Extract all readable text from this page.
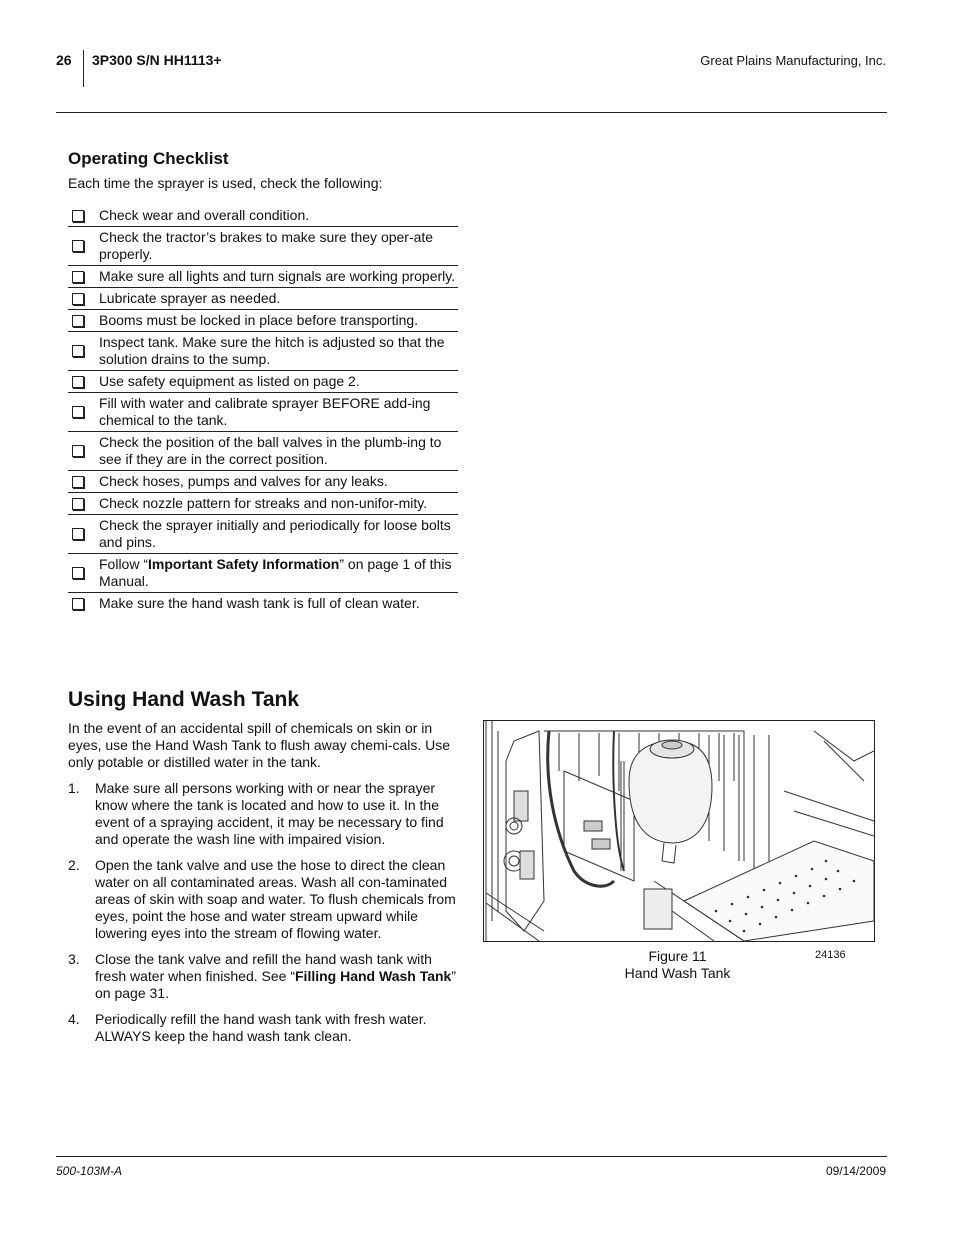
26 3P300 S/N HH1113+	Great Plains Manufacturing, Inc.
Operating Checklist
Each time the sprayer is used, check the following:
Check wear and overall condition.
Check the tractor’s brakes to make sure they oper-ate properly.
Make sure all lights and turn signals are working properly.
Lubricate sprayer as needed.
Booms must be locked in place before transporting.
Inspect tank. Make sure the hitch is adjusted so that the solution drains to the sump.
Use safety equipment as listed on page 2.
Fill with water and calibrate sprayer BEFORE add-ing chemical to the tank.
Check the position of the ball valves in the plumb-ing to see if they are in the correct position.
Check hoses, pumps and valves for any leaks.
Check nozzle pattern for streaks and non-unifor-mity.
Check the sprayer initially and periodically for loose bolts and pins.
Follow “Important Safety Information” on page 1 of this Manual.
Make sure the hand wash tank is full of clean water.
Using Hand Wash Tank
In the event of an accidental spill of chemicals on skin or in eyes, use the Hand Wash Tank to flush away chemi-cals. Use only potable or distilled water in the tank.
1.	Make sure all persons working with or near the sprayer know where the tank is located and how to use it. In the event of a spraying accident, it may be necessary to find and operate the wash line with impaired vision.
2.	Open the tank valve and use the hose to direct the clean water on all contaminated areas. Wash all con-taminated areas of skin with soap and water. To flush chemicals from eyes, point the hose and water stream upward while lowering eyes into the stream of flowing water.
3.	Close the tank valve and refill the hand wash tank with fresh water when finished. See “Filling Hand Wash Tank” on page 31.
4.	Periodically refill the hand wash tank with fresh water. ALWAYS keep the hand wash tank clean.
Figure 11
Hand Wash Tank
24136
500-103M-A	09/14/2009
